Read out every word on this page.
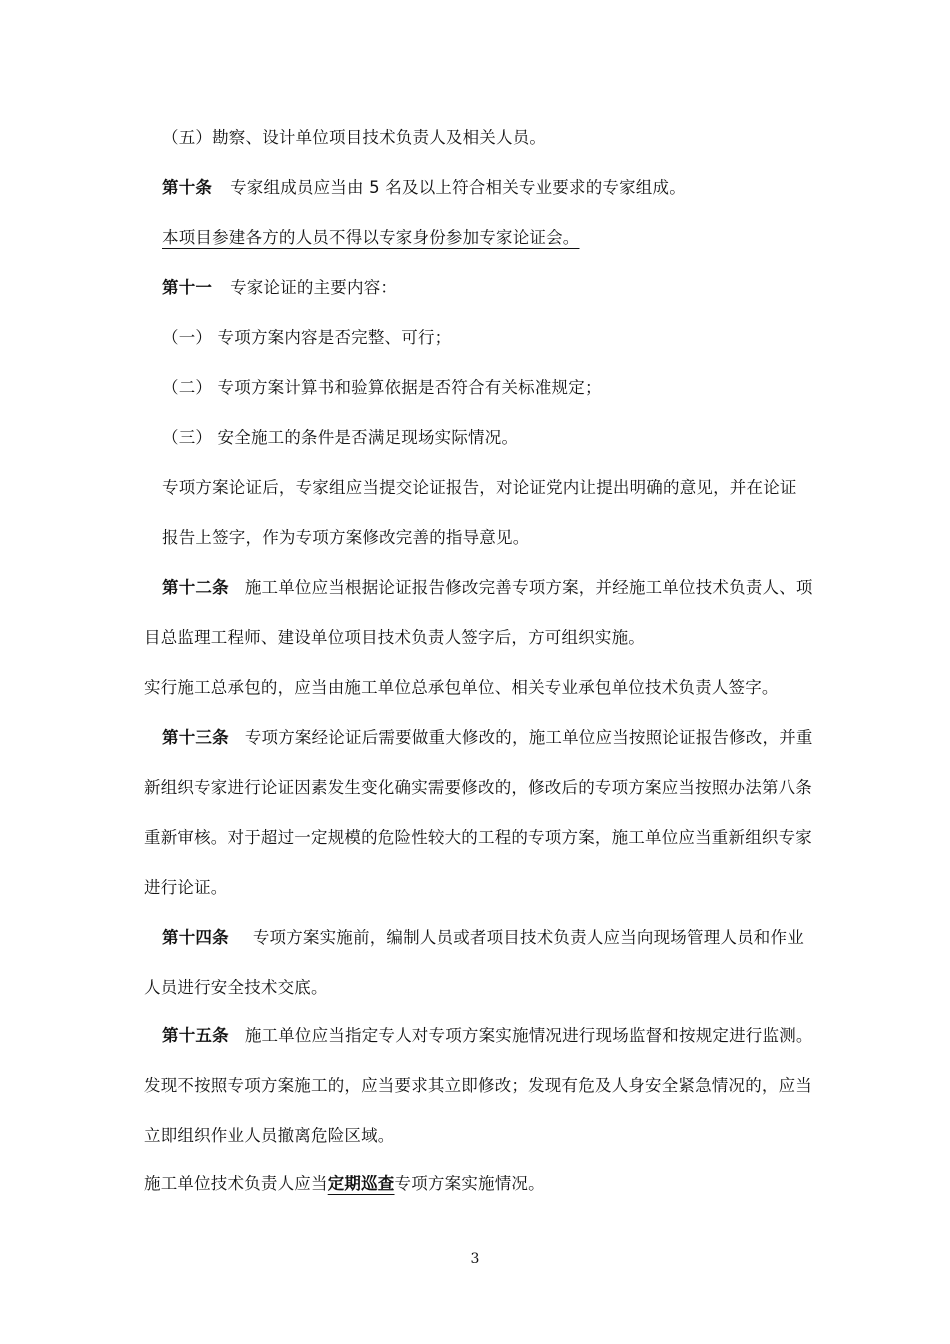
（五）勘察、设计单位项目技术负责人及相关人员。
第十条 专家组成员应当由 5 名及以上符合相关专业要求的专家组成。
本项目参建各方的人员不得以专家身份参加专家论证会。
第十一 专家论证的主要内容：
（一） 专项方案内容是否完整、可行；
（二） 专项方案计算书和验算依据是否符合有关标准规定；
（三） 安全施工的条件是否满足现场实际情况。
专项方案论证后，专家组应当提交论证报告，对论证党内让提出明确的意见，并在论证
报告上签字，作为专项方案修改完善的指导意见。
第十二条 施工单位应当根据论证报告修改完善专项方案，并经施工单位技术负责人、项
目总监理工程师、建设单位项目技术负责人签字后，方可组织实施。
实行施工总承包的，应当由施工单位总承包单位、相关专业承包单位技术负责人签字。
第十三条 专项方案经论证后需要做重大修改的，施工单位应当按照论证报告修改，并重
新组织专家进行论证因素发生变化确实需要修改的，修改后的专项方案应当按照办法第八条
重新审核。对于超过一定规模的危险性较大的工程的专项方案，施工单位应当重新组织专家
进行论证。
第十四条 专项方案实施前，编制人员或者项目技术负责人应当向现场管理人员和作业
人员进行安全技术交底。
第十五条 施工单位应当指定专人对专项方案实施情况进行现场监督和按规定进行监测。
发现不按照专项方案施工的，应当要求其立即修改；发现有危及人身安全紧急情况的，应当
立即组织作业人员撤离危险区域。
施工单位技术负责人应当定期巡查专项方案实施情况。
3
